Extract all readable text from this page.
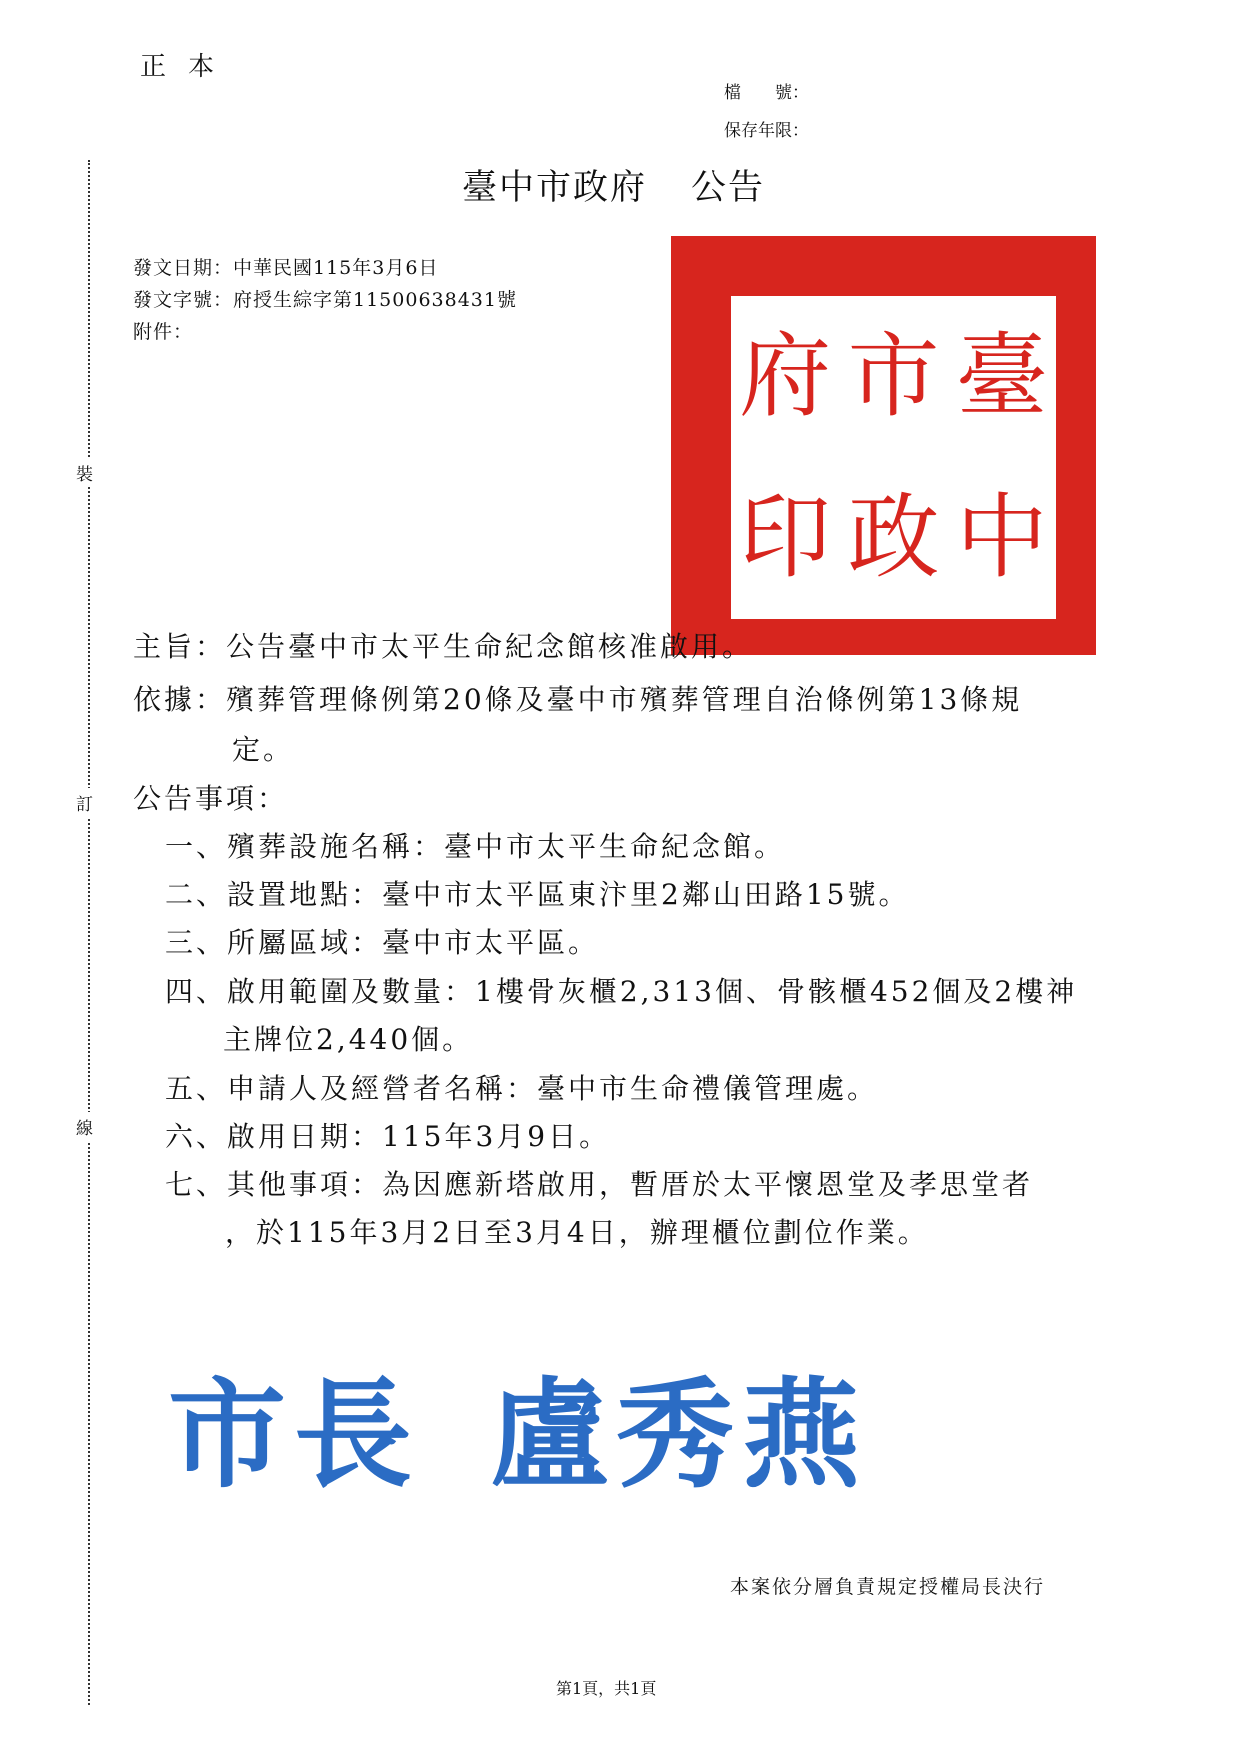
裝
訂
線
正本
檔　　號：
保存年限：
臺中市政府 公告
發文日期：中華民國115年3月6日
發文字號：府授生綜字第11500638431號
附件：	府 市 臺
印 政 中
主旨：公告臺中市太平生命紀念館核准啟用。
依據：殯葬管理條例第20條及臺中市殯葬管理自治條例第13條規
定。
公告事項：
一、殯葬設施名稱：臺中市太平生命紀念館。
二、設置地點：臺中市太平區東汴里2鄰山田路15號。
三、所屬區域：臺中市太平區。
四、啟用範圍及數量：1樓骨灰櫃2,313個、骨骸櫃452個及2樓神
主牌位2,440個。
五、申請人及經營者名稱：臺中市生命禮儀管理處。
六、啟用日期：115年3月9日。
七、其他事項：為因應新塔啟用，暫厝於太平懷恩堂及孝思堂者
，於115年3月2日至3月4日，辦理櫃位劃位作業。
市長 盧秀燕
本案依分層負責規定授權局長決行
第1頁，共1頁
